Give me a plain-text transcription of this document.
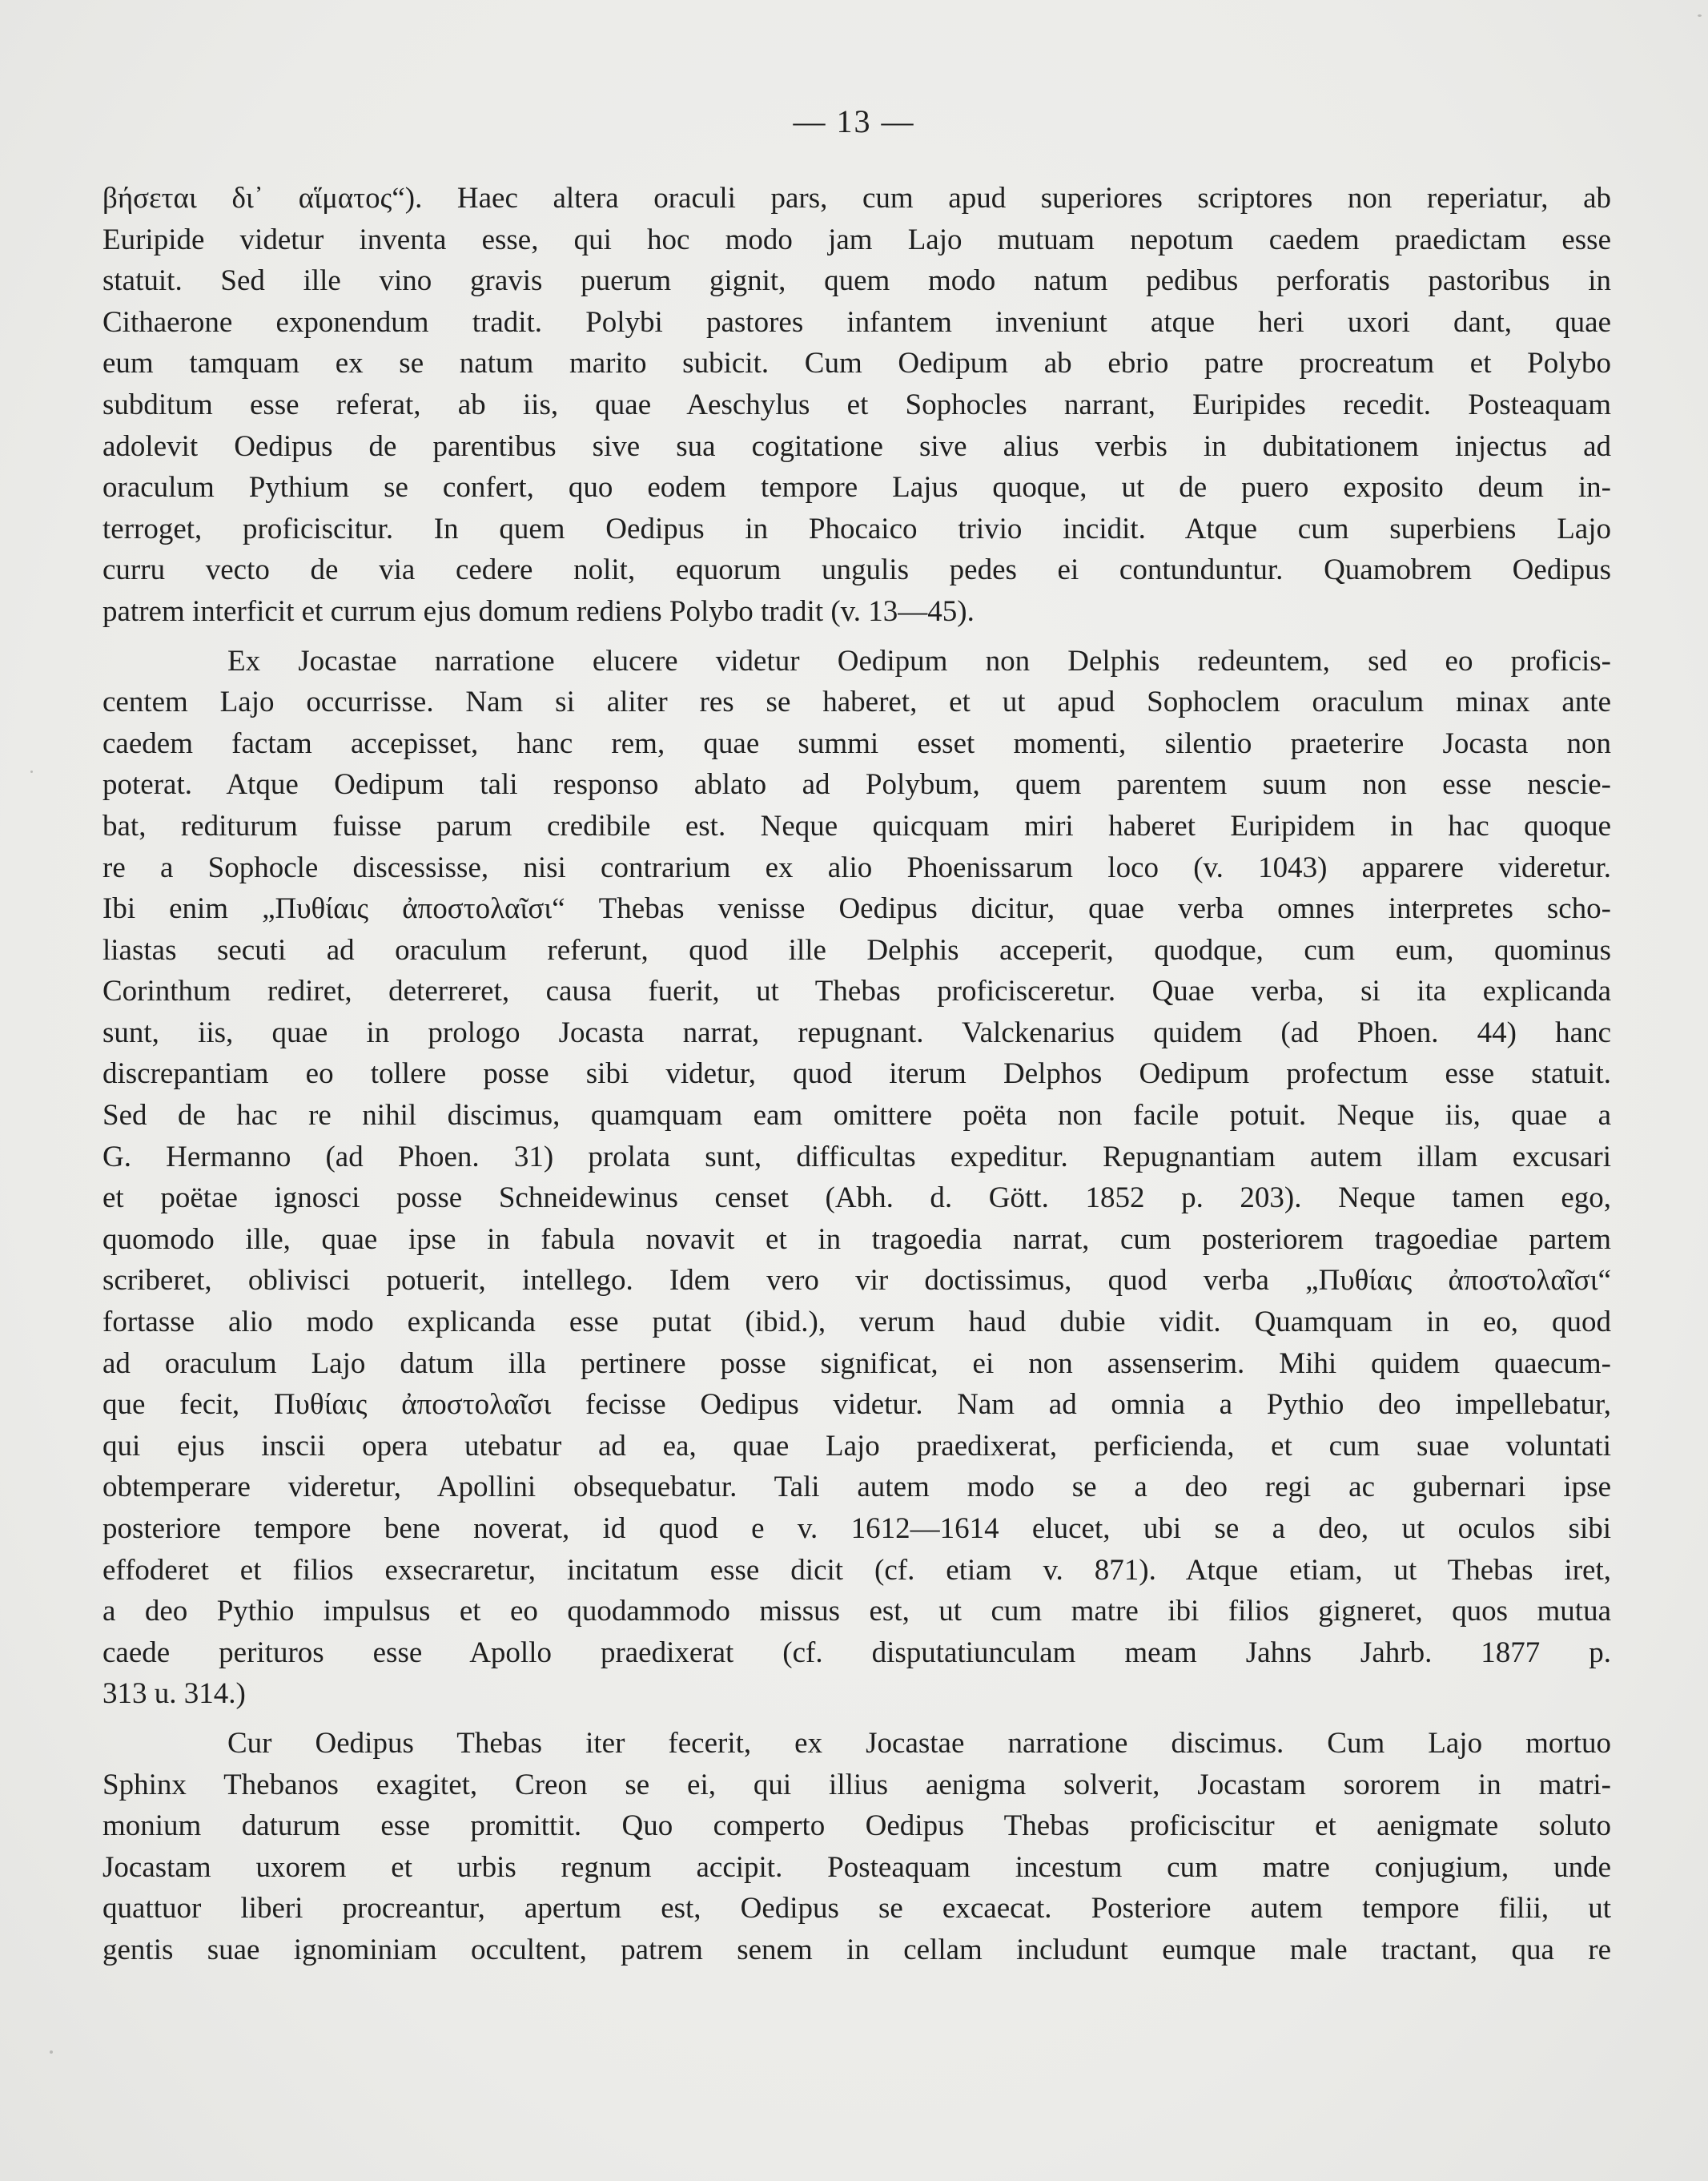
— 13 —
βήσεται δι᾽ αἵματος“). Haec altera oraculi pars, cum apud superiores scriptores non reperiatur, ab
Euripide videtur inventa esse, qui hoc modo jam Lajo mutuam nepotum caedem praedictam esse
statuit. Sed ille vino gravis puerum gignit, quem modo natum pedibus perforatis pastoribus in
Cithaerone exponendum tradit. Polybi pastores infantem inveniunt atque heri uxori dant, quae
eum tamquam ex se natum marito subicit. Cum Oedipum ab ebrio patre procreatum et Polybo
subditum esse referat, ab iis, quae Aeschylus et Sophocles narrant, Euripides recedit. Posteaquam
adolevit Oedipus de parentibus sive sua cogitatione sive alius verbis in dubitationem injectus ad
oraculum Pythium se confert, quo eodem tempore Lajus quoque, ut de puero exposito deum in-
terroget, proficiscitur. In quem Oedipus in Phocaico trivio incidit. Atque cum superbiens Lajo
curru vecto de via cedere nolit, equorum ungulis pedes ei contunduntur. Quamobrem Oedipus
patrem interficit et currum ejus domum rediens Polybo tradit (v. 13—45).
Ex Jocastae narratione elucere videtur Oedipum non Delphis redeuntem, sed eo proficis-
centem Lajo occurrisse. Nam si aliter res se haberet, et ut apud Sophoclem oraculum minax ante
caedem factam accepisset, hanc rem, quae summi esset momenti, silentio praeterire Jocasta non
poterat. Atque Oedipum tali responso ablato ad Polybum, quem parentem suum non esse nescie-
bat, rediturum fuisse parum credibile est. Neque quicquam miri haberet Euripidem in hac quoque
re a Sophocle discessisse, nisi contrarium ex alio Phoenissarum loco (v. 1043) apparere videretur.
Ibi enim „Πυθίαις ἀποστολαῖσι“ Thebas venisse Oedipus dicitur, quae verba omnes interpretes scho-
liastas secuti ad oraculum referunt, quod ille Delphis acceperit, quodque, cum eum, quominus
Corinthum rediret, deterreret, causa fuerit, ut Thebas proficisceretur. Quae verba, si ita explicanda
sunt, iis, quae in prologo Jocasta narrat, repugnant. Valckenarius quidem (ad Phoen. 44) hanc
discrepantiam eo tollere posse sibi videtur, quod iterum Delphos Oedipum profectum esse statuit.
Sed de hac re nihil discimus, quamquam eam omittere poëta non facile potuit. Neque iis, quae a
G. Hermanno (ad Phoen. 31) prolata sunt, difficultas expeditur. Repugnantiam autem illam excusari
et poëtae ignosci posse Schneidewinus censet (Abh. d. Gött. 1852 p. 203). Neque tamen ego,
quomodo ille, quae ipse in fabula novavit et in tragoedia narrat, cum posteriorem tragoediae partem
scriberet, oblivisci potuerit, intellego. Idem vero vir doctissimus, quod verba „Πυθίαις ἀποστολαῖσι“
fortasse alio modo explicanda esse putat (ibid.), verum haud dubie vidit. Quamquam in eo, quod
ad oraculum Lajo datum illa pertinere posse significat, ei non assenserim. Mihi quidem quaecum-
que fecit, Πυθίαις ἀποστολαῖσι fecisse Oedipus videtur. Nam ad omnia a Pythio deo impellebatur,
qui ejus inscii opera utebatur ad ea, quae Lajo praedixerat, perficienda, et cum suae voluntati
obtemperare videretur, Apollini obsequebatur. Tali autem modo se a deo regi ac gubernari ipse
posteriore tempore bene noverat, id quod e v. 1612—1614 elucet, ubi se a deo, ut oculos sibi
effoderet et filios exsecraretur, incitatum esse dicit (cf. etiam v. 871). Atque etiam, ut Thebas iret,
a deo Pythio impulsus et eo quodammodo missus est, ut cum matre ibi filios gigneret, quos mutua
caede perituros esse Apollo praedixerat (cf. disputatiunculam meam Jahns Jahrb. 1877 p.
313 u. 314.)
Cur Oedipus Thebas iter fecerit, ex Jocastae narratione discimus. Cum Lajo mortuo
Sphinx Thebanos exagitet, Creon se ei, qui illius aenigma solverit, Jocastam sororem in matri-
monium daturum esse promittit. Quo comperto Oedipus Thebas proficiscitur et aenigmate soluto
Jocastam uxorem et urbis regnum accipit. Posteaquam incestum cum matre conjugium, unde
quattuor liberi procreantur, apertum est, Oedipus se excaecat. Posteriore autem tempore filii, ut
gentis suae ignominiam occultent, patrem senem in cellam includunt eumque male tractant, qua re
